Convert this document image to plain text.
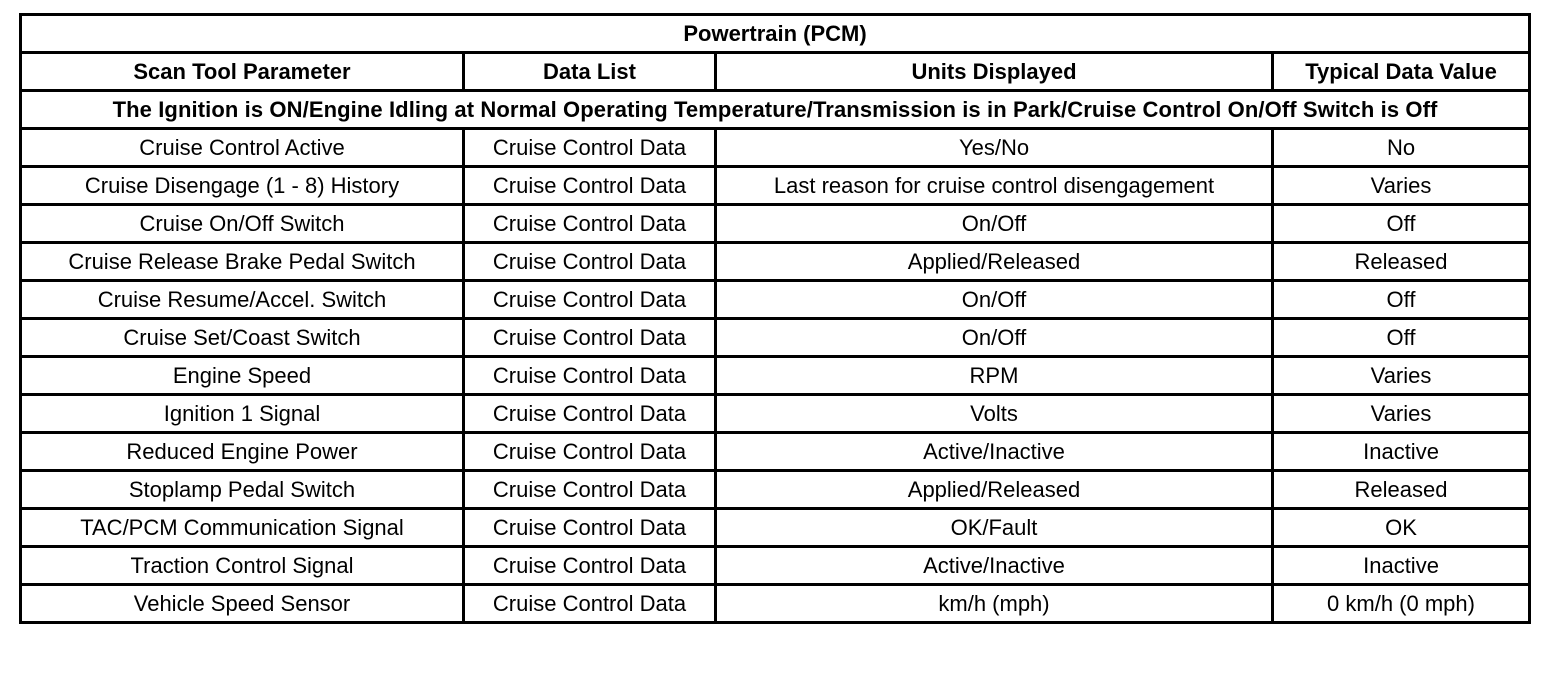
Powertrain (PCM)			
Scan Tool Parameter	Data List	Units Displayed	Typical Data Value
The Ignition is ON/Engine Idling at Normal Operating Temperature/Transmission is in Park/Cruise Control On/Off Switch is Off			
Cruise Control Active	Cruise Control Data	Yes/No	No
Cruise Disengage (1 - 8) History	Cruise Control Data	Last reason for cruise control disengagement	Varies
Cruise On/Off Switch	Cruise Control Data	On/Off	Off
Cruise Release Brake Pedal Switch	Cruise Control Data	Applied/Released	Released
Cruise Resume/Accel. Switch	Cruise Control Data	On/Off	Off
Cruise Set/Coast Switch	Cruise Control Data	On/Off	Off
Engine Speed	Cruise Control Data	RPM	Varies
Ignition 1 Signal	Cruise Control Data	Volts	Varies
Reduced Engine Power	Cruise Control Data	Active/Inactive	Inactive
Stoplamp Pedal Switch	Cruise Control Data	Applied/Released	Released
TAC/PCM Communication Signal	Cruise Control Data	OK/Fault	OK
Traction Control Signal	Cruise Control Data	Active/Inactive	Inactive
Vehicle Speed Sensor	Cruise Control Data	km/h (mph)	0 km/h (0 mph)
